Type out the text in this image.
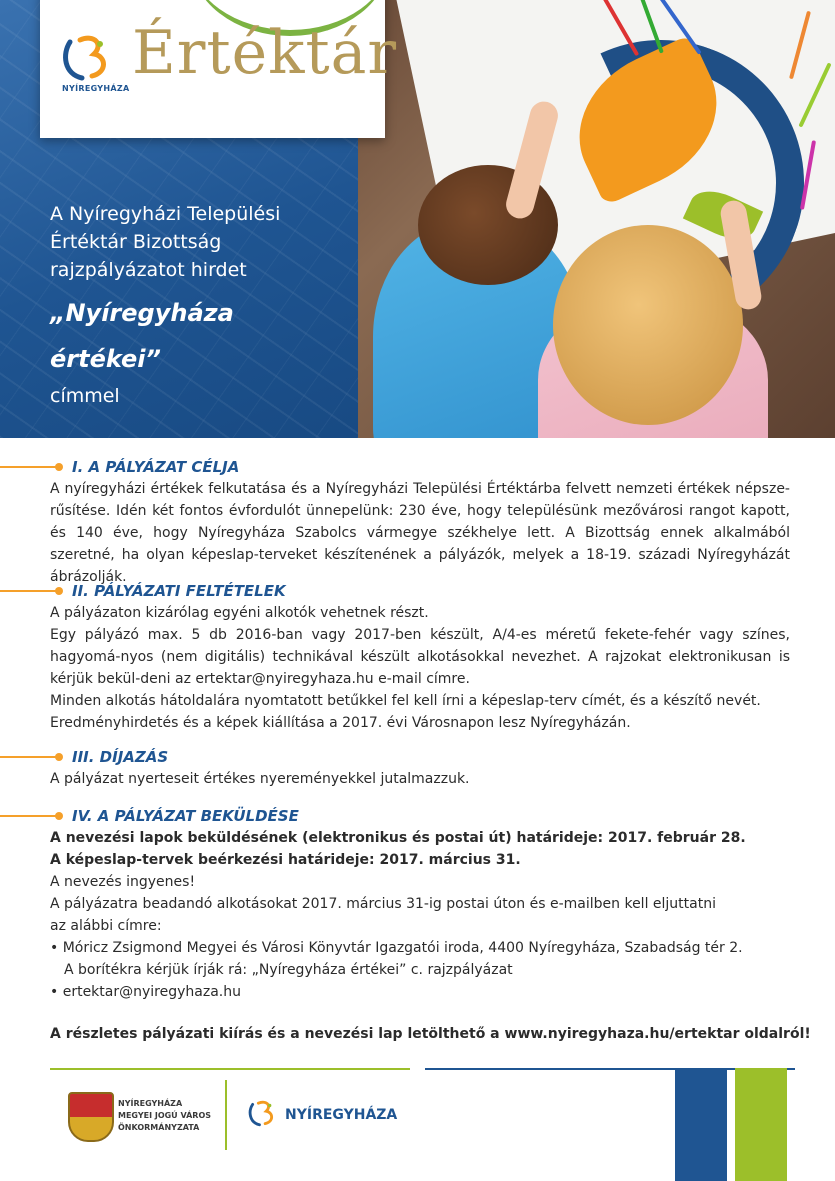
NYÍREGYHÁZA
Értéktár
A Nyíregyházi Települési
Értéktár Bizottság
rajzpályázatot hirdet
„Nyíregyháza értékei”
címmel
I. A PÁLYÁZAT CÉLJA

A nyíregyházi értékek felkutatása és a Nyíregyházi Települési Értéktárba felvett nemzeti értékek népsze-rűsítése. Idén két fontos évfordulót ünnepelünk: 230 éve, hogy településünk mezővárosi rangot kapott, és 140 éve, hogy Nyíregyháza Szabolcs vármegye székhelye lett. A Bizottság ennek alkalmából szeretné, ha olyan képeslap-terveket készítenének a pályázók, melyek a 18-19. századi Nyíregyházát ábrázolják.

II. PÁLYÁZATI FELTÉTELEK

A pályázaton kizárólag egyéni alkotók vehetnek részt.

Egy pályázó max. 5 db 2016-ban vagy 2017-ben készült, A/4-es méretű fekete-fehér vagy színes, hagyomá-nyos (nem digitális) technikával készült alkotásokkal nevezhet. A rajzokat elektronikusan is kérjük bekül-deni az ertektar@nyiregyhaza.hu e-mail címre.

Minden alkotás hátoldalára nyomtatott betűkkel fel kell írni a képeslap-terv címét, és a készítő nevét.

Eredményhirdetés és a képek kiállítása a 2017. évi Városnapon lesz Nyíregyházán.

III. DÍJAZÁS

A pályázat nyerteseit értékes nyereményekkel jutalmazzuk.

IV. A PÁLYÁZAT BEKÜLDÉSE

A nevezési lapok beküldésének (elektronikus és postai út) határideje: 2017. február 28.

A képeslap-tervek beérkezési határideje: 2017. március 31.

A nevezés ingyenes!

A pályázatra beadandó alkotásokat 2017. március 31-ig postai úton és e-mailben kell eljuttatni

az alábbi címre:

• Móricz Zsigmond Megyei és Városi Könyvtár Igazgatói iroda, 4400 Nyíregyháza, Szabadság tér 2.

A borítékra kérjük írják rá: „Nyíregyháza értékei” c. rajzpályázat

• ertektar@nyiregyhaza.hu

A részletes pályázati kiírás és a nevezési lap letölthető a www.nyiregyhaza.hu/ertektar oldalról!
NYÍREGYHÁZA
MEGYEI JOGÚ VÁROS
ÖNKORMÁNYZATA
NYÍREGYHÁZA
